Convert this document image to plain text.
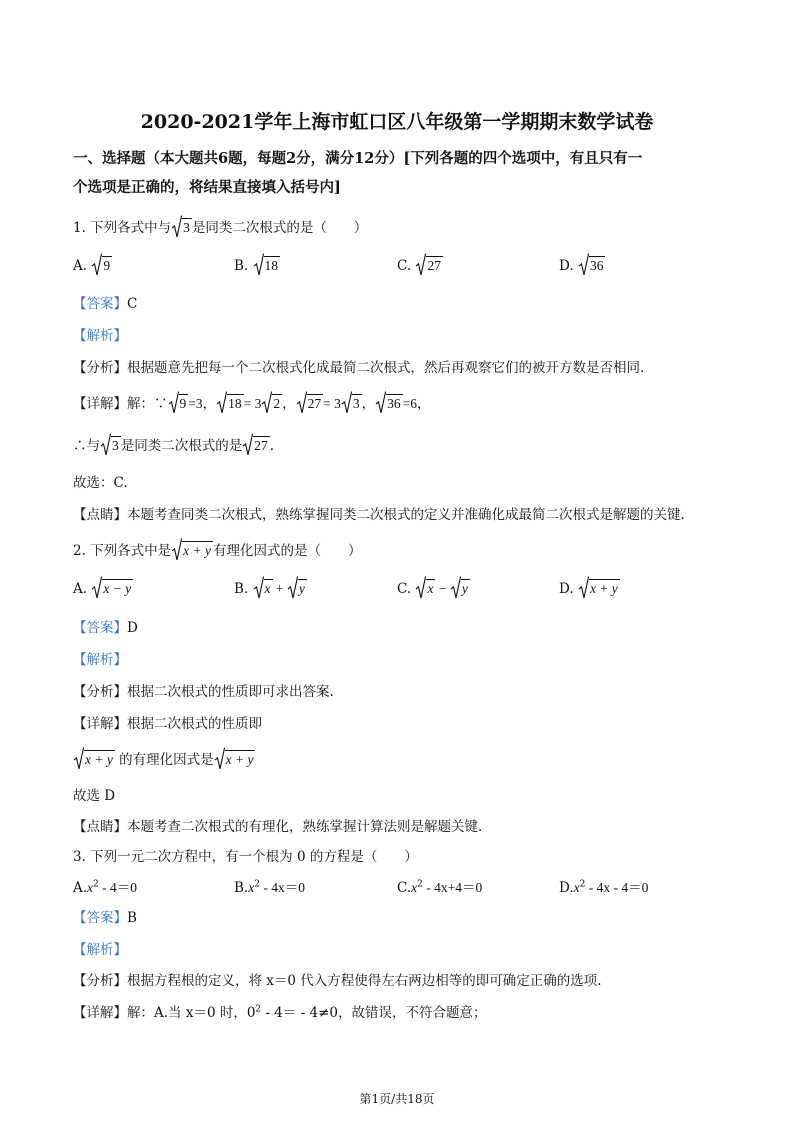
2020-2021学年上海市虹口区八年级第一学期期末数学试卷
一、选择题（本大题共6题，每题2分，满分12分）[下列各题的四个选项中，有且只有一
个选项是正确的，将结果直接填入括号内]
1. 下列各式中与 3 是同类二次根式的是（　　）
A. 9	B. 18	C. 27	D. 36
【答案】C
【解析】
【分析】根据题意先把每一个二次根式化成最简二次根式，然后再观察它们的被开方数是否相同.
【详解】解：∵ 9 =3， 18 = 3 2 ， 27 = 3 3 ， 36 =6，
∴与 3 是同类二次根式的是 27 .
故选：C.
【点睛】本题考查同类二次根式，熟练掌握同类二次根式的定义并准确化成最简二次根式是解题的关键.
2. 下列各式中是 x + y 有理化因式的是（　　）
A. x − y	B. x +
y	C. x −
y	D. x + y
【答案】D
【解析】
【分析】根据二次根式的性质即可求出答案.
【详解】根据二次根式的性质即
x + y 的有理化因式是 x + y
故选 D
【点睛】本题考查二次根式的有理化，熟练掌握计算法则是解题关键.
3. 下列一元二次方程中，有一个根为 0 的方程是（　　）
$A.x^2 - 4=0$	$B.x^2 - 4x=0$	$C.x^2 - 4x+4=0$	$D.x^2 - 4x - 4=0$
【答案】B
【解析】
【分析】根据方程根的定义，将 x＝0 代入方程使得左右两边相等的即可确定正确的选项.
【详解】解：A.当 x＝0 时，$0^2 - 4= - 4\ne 0$，故错误，不符合题意；
第1页/共18页
